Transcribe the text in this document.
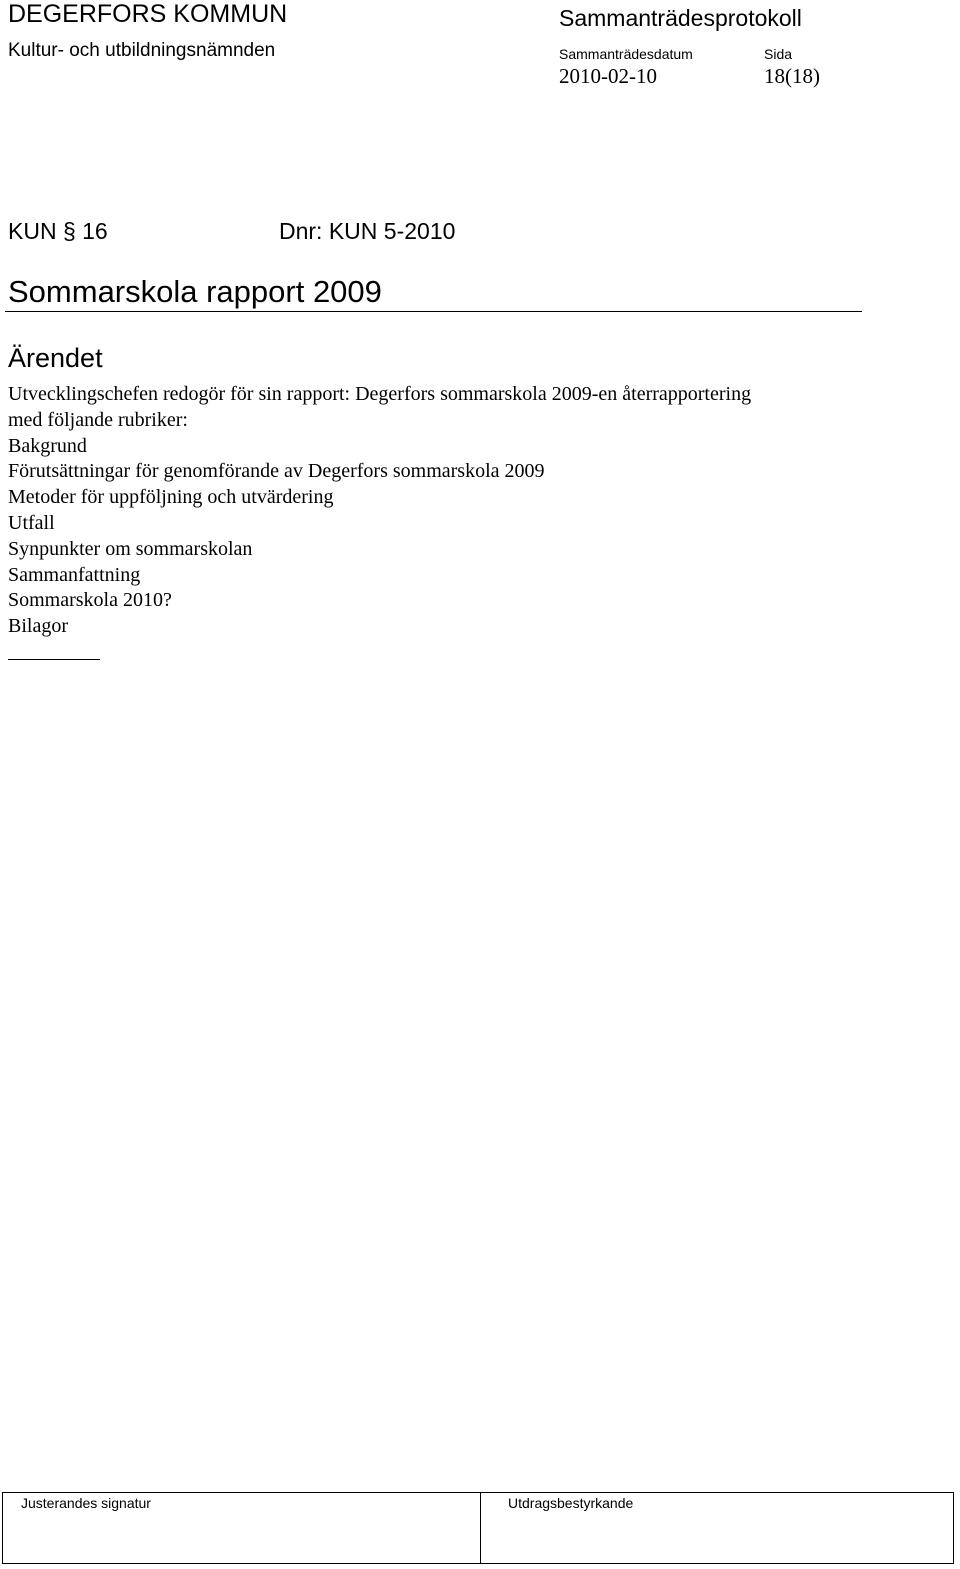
DEGERFORS KOMMUN
Kultur- och utbildningsnämnden
Sammanträdesprotokoll
Sammanträdesdatum	Sida
2010-02-10	18(18)
KUN § 16	Dnr: KUN 5-2010
Sommarskola rapport 2009
Ärendet
Utvecklingschefen redogör för sin rapport: Degerfors sommarskola 2009-en återrapportering
med följande rubriker:
Bakgrund
Förutsättningar för genomförande av Degerfors sommarskola 2009
Metoder för uppföljning och utvärdering
Utfall
Synpunkter om sommarskolan
Sammanfattning
Sommarskola 2010?
Bilagor
Justerandes signatur	Utdragsbestyrkande
